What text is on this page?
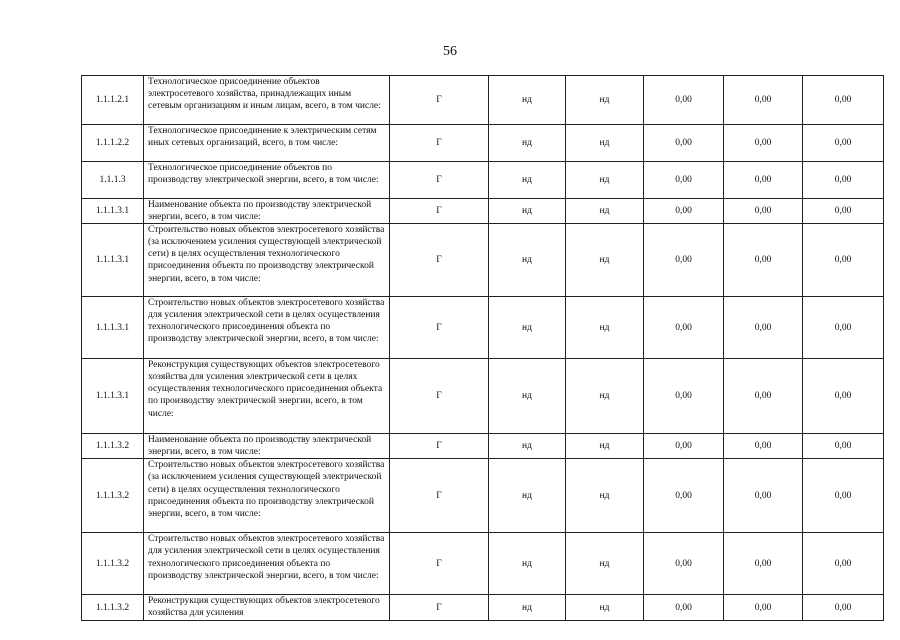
56
1.1.1.2.1	Технологическое присоединение объектов электросетевого хозяйства, принадлежащих иным сетевым организациям и иным лицам, всего, в том числе:	Г	нд	нд	0,00	0,00	0,00
1.1.1.2.2	Технологическое присоединение к электрическим сетям иных сетевых организаций, всего, в том числе:	Г	нд	нд	0,00	0,00	0,00
1.1.1.3	Технологическое присоединение объектов по производству электрической энергии, всего, в том числе:	Г	нд	нд	0,00	0,00	0,00
1.1.1.3.1	Наименование объекта по производству электрической энергии, всего, в том числе:	Г	нд	нд	0,00	0,00	0,00
1.1.1.3.1	Строительство новых объектов электросетевого хозяйства (за исключением усиления существующей электрической сети) в целях осуществления технологического присоединения объекта по производству электрической энергии, всего, в том числе:	Г	нд	нд	0,00	0,00	0,00
1.1.1.3.1	Строительство новых объектов электросетевого хозяйства для усиления электрической сети в целях осуществления технологического присоединения объекта по производству электрической энергии, всего, в том числе:	Г	нд	нд	0,00	0,00	0,00
1.1.1.3.1	Реконструкция существующих объектов электросетевого хозяйства для усиления электрической сети в целях осуществления технологического присоединения объекта по производству электрической энергии, всего, в том числе:	Г	нд	нд	0,00	0,00	0,00
1.1.1.3.2	Наименование объекта по производству электрической энергии, всего, в том числе:	Г	нд	нд	0,00	0,00	0,00
1.1.1.3.2	Строительство новых объектов электросетевого хозяйства (за исключением усиления существующей электрической сети) в целях осуществления технологического присоединения объекта по производству электрической энергии, всего, в том числе:	Г	нд	нд	0,00	0,00	0,00
1.1.1.3.2	Строительство новых объектов электросетевого хозяйства для усиления электрической сети в целях осуществления технологического присоединения объекта по производству электрической энергии, всего, в том числе:	Г	нд	нд	0,00	0,00	0,00
1.1.1.3.2	Реконструкция существующих объектов электросетевого хозяйства для усиления	Г	нд	нд	0,00	0,00	0,00
